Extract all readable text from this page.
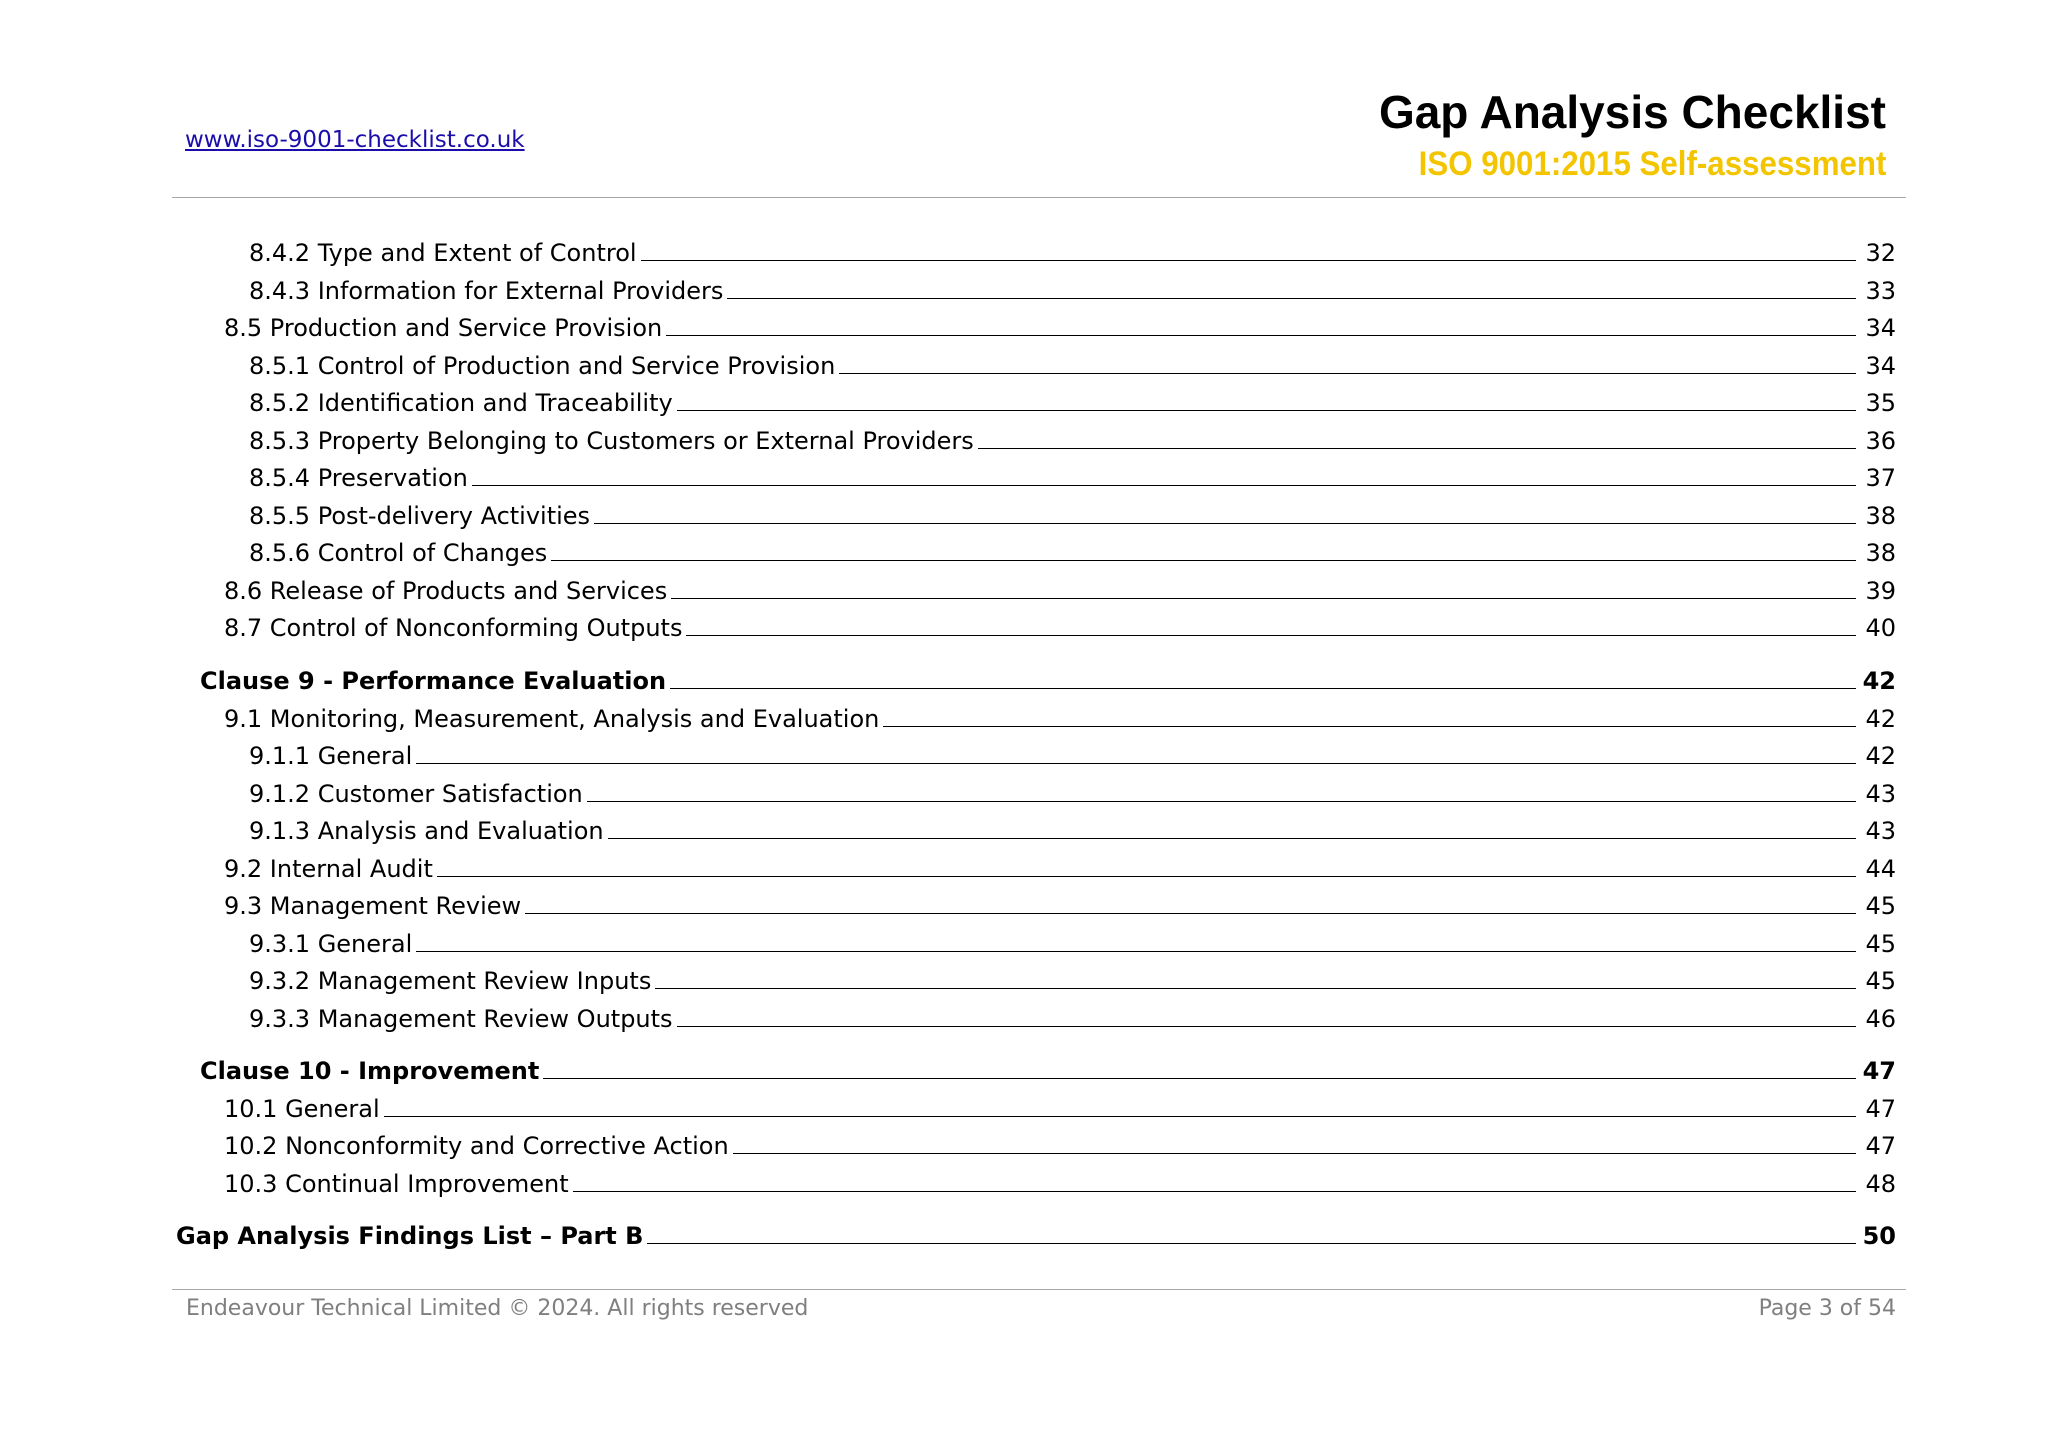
www.iso-9001-checklist.co.uk
Gap Analysis Checklist
ISO 9001:2015 Self-assessment
8.4.2 Type and Extent of Control	32
8.4.3 Information for External Providers	33
8.5 Production and Service Provision	34
8.5.1 Control of Production and Service Provision	34
8.5.2 Identification and Traceability	35
8.5.3 Property Belonging to Customers or External Providers	36
8.5.4 Preservation	37
8.5.5 Post-delivery Activities	38
8.5.6 Control of Changes	38
8.6 Release of Products and Services	39
8.7 Control of Nonconforming Outputs	40
Clause 9 - Performance Evaluation	42
9.1 Monitoring, Measurement, Analysis and Evaluation	42
9.1.1 General	42
9.1.2 Customer Satisfaction	43
9.1.3 Analysis and Evaluation	43
9.2 Internal Audit	44
9.3 Management Review	45
9.3.1 General	45
9.3.2 Management Review Inputs	45
9.3.3 Management Review Outputs	46
Clause 10 - Improvement	47
10.1 General	47
10.2 Nonconformity and Corrective Action	47
10.3 Continual Improvement	48
Gap Analysis Findings List – Part B	50
Endeavour Technical Limited © 2024. All rights reserved	Page 3 of 54
